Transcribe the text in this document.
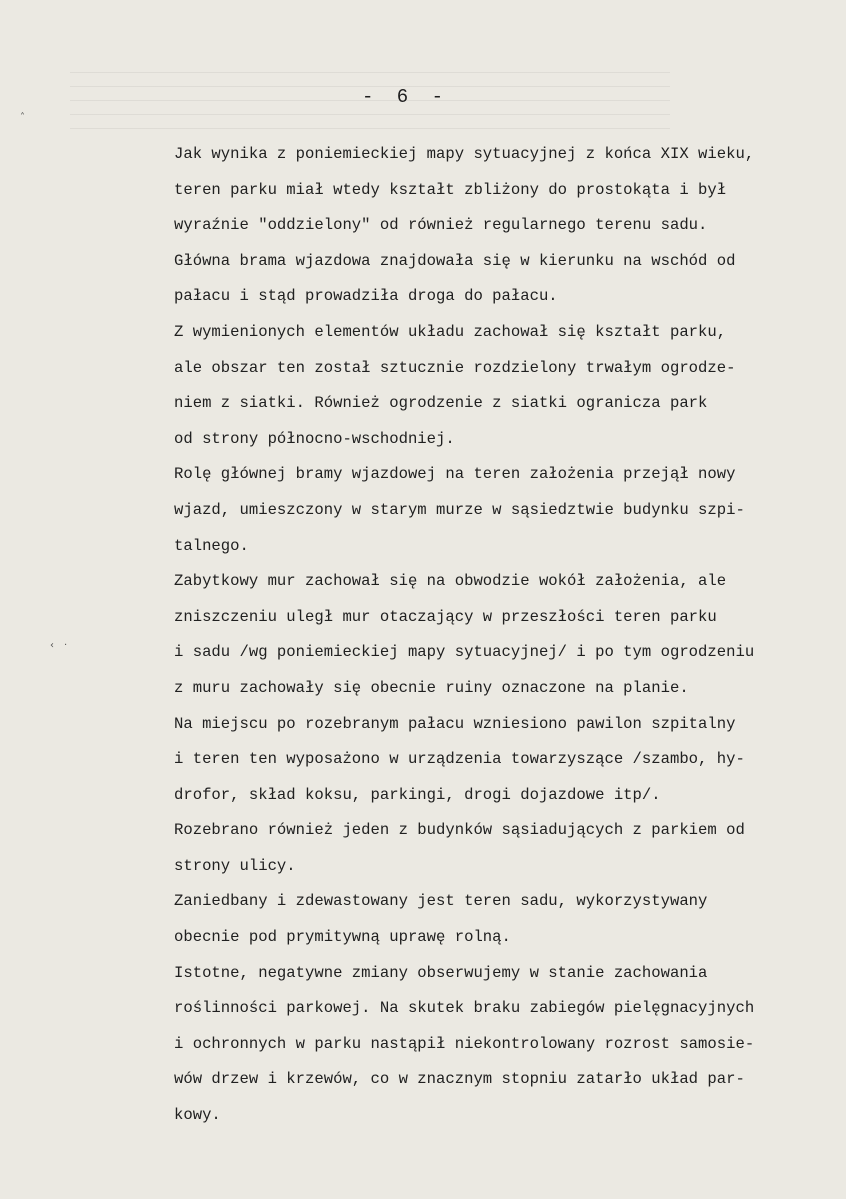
˄
‹ ·
- 6 -
Jak wynika z poniemieckiej mapy sytuacyjnej z końca XIX wieku,
teren parku miał wtedy kształt zbliżony do prostokąta i był
wyraźnie "oddzielony" od również regularnego terenu sadu.
Główna brama wjazdowa znajdowała się w kierunku na wschód od
pałacu i stąd prowadziła droga do pałacu.
Z wymienionych elementów układu zachował się kształt parku,
ale obszar ten został sztucznie rozdzielony trwałym ogrodze-
niem z siatki. Również ogrodzenie z siatki ogranicza park
od strony północno-wschodniej.
Rolę głównej bramy wjazdowej na teren założenia przejął nowy
wjazd, umieszczony w starym murze w sąsiedztwie budynku szpi-
talnego.
Zabytkowy mur zachował się na obwodzie wokół założenia, ale
zniszczeniu uległ mur otaczający w przeszłości teren parku
i sadu /wg poniemieckiej mapy sytuacyjnej/ i po tym ogrodzeniu
z muru zachowały się obecnie ruiny oznaczone na planie.
Na miejscu po rozebranym pałacu wzniesiono pawilon szpitalny
i teren ten wyposażono w urządzenia towarzyszące /szambo, hy-
drofor, skład koksu, parkingi, drogi dojazdowe itp/.
Rozebrano również jeden z budynków sąsiadujących z parkiem od
strony ulicy.
Zaniedbany i zdewastowany jest teren sadu, wykorzystywany
obecnie pod prymitywną uprawę rolną.
Istotne, negatywne zmiany obserwujemy w stanie zachowania
roślinności parkowej. Na skutek braku zabiegów pielęgnacyjnych
i ochronnych w parku nastąpił niekontrolowany rozrost samosie-
wów drzew i krzewów, co w znacznym stopniu zatarło układ par-
kowy.
